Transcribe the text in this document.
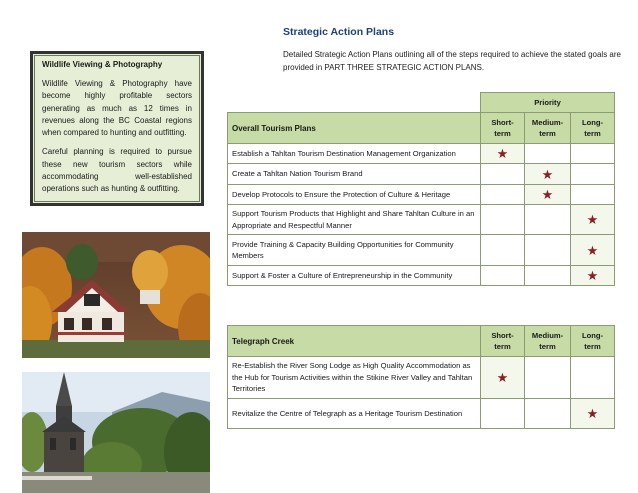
Strategic Action Plans
Detailed Strategic Action Plans outlining all of the steps required to achieve the stated goals are provided in PART THREE STRATEGIC ACTION PLANS.
Wildlife Viewing & Photography

Wildlife Viewing & Photography have become highly profitable sectors generating as much as 12 times in revenues along the BC Coastal regions when compared to hunting and outfitting.

Careful planning is required to pursue these new tourism sectors while accommodating well-established operations such as hunting & outfitting.

	Priority		
Overall Tourism Plans	Short-term	Medium-term	Long-term
Establish a Tahltan Tourism Destination Management Organization	★		
Create a Tahltan Nation Tourism Brand		★	
Develop Protocols to Ensure the Protection of Culture & Heritage		★	
Support Tourism Products that Highlight and Share Tahltan Culture in an Appropriate and Respectful Manner			★
Provide Training & Capacity Building Opportunities for Community Members			★
Support & Foster a Culture of Entrepreneurship in the Community			★
Telegraph Creek	Short-term	Medium-term	Long-term
Re-Establish the River Song Lodge as High Quality Accommodation as the Hub for Tourism Activities within the Stikine River Valley and Tahltan Territories	★		
Revitalize the Centre of Telegraph as a Heritage Tourism Destination			★
